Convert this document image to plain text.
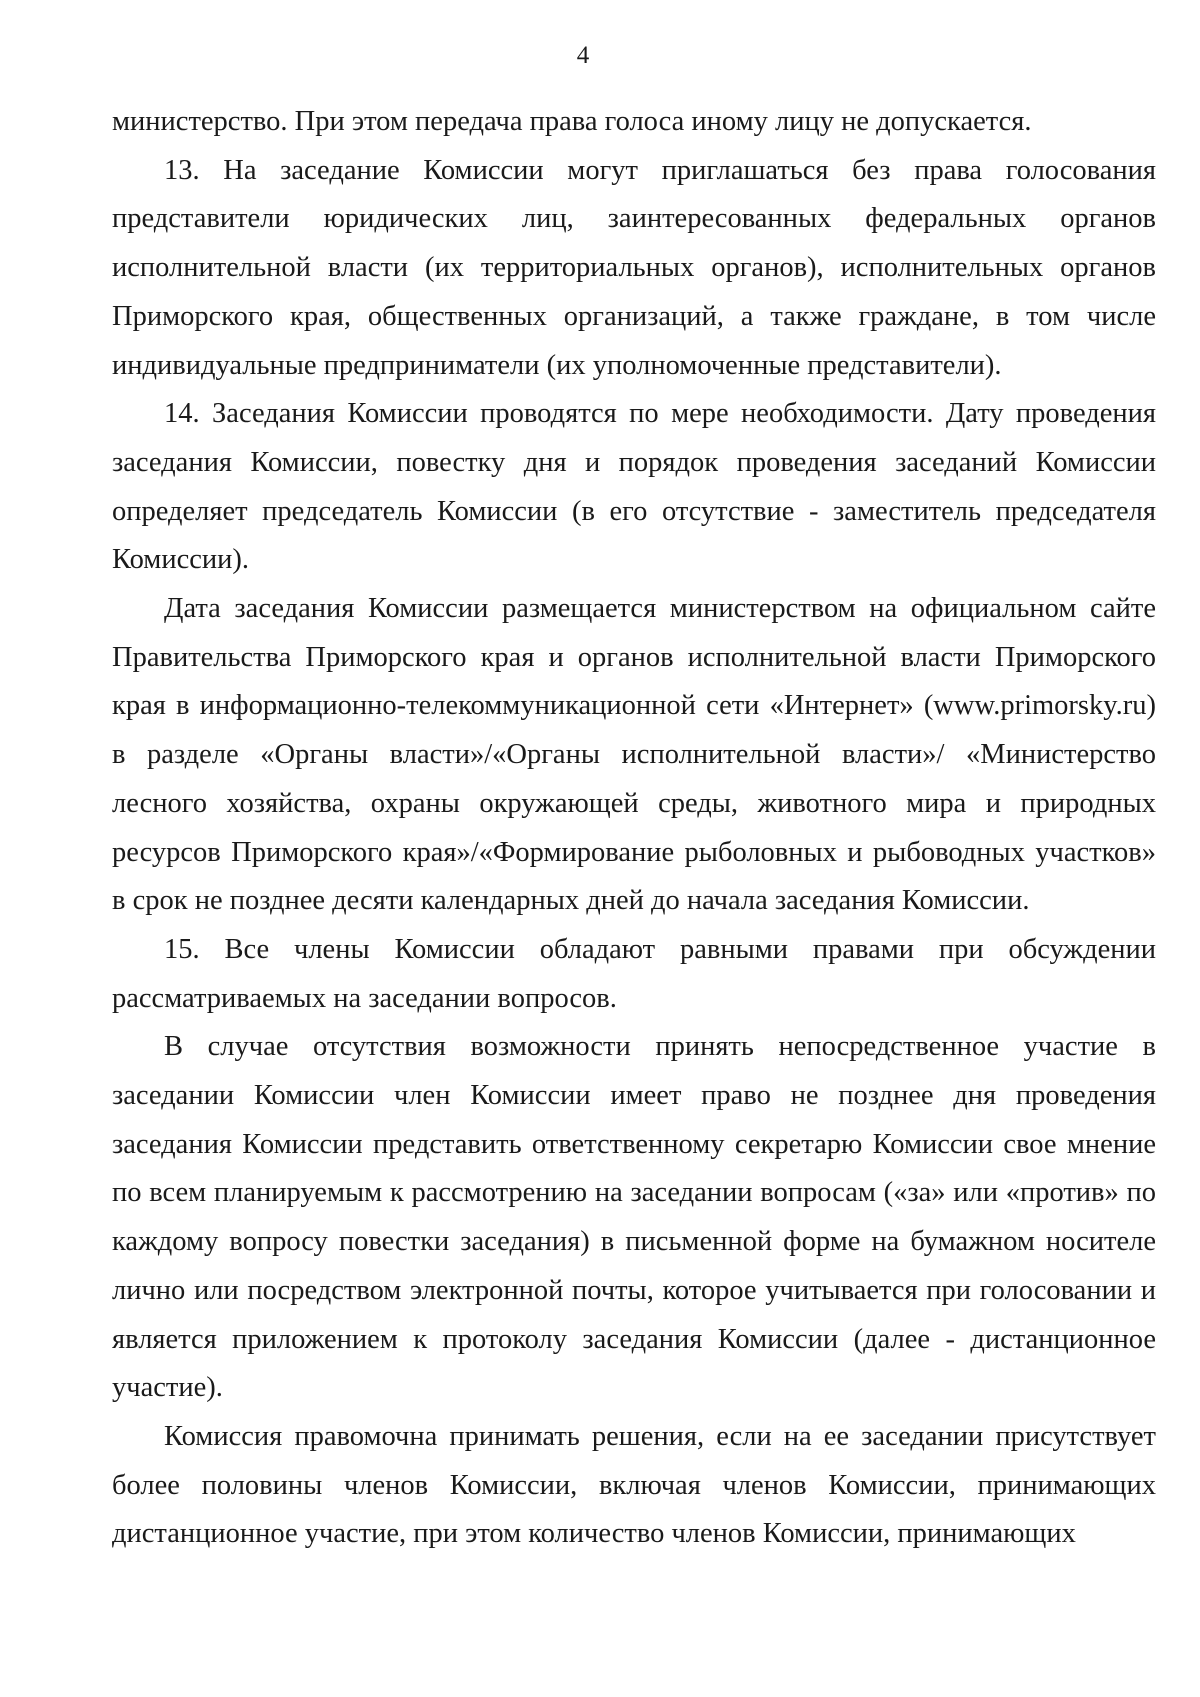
4

министерство. При этом передача права голоса иному лицу не допускается.

13. На заседание Комиссии могут приглашаться без права голосования представители юридических лиц, заинтересованных федеральных органов исполнительной власти (их территориальных органов), исполнительных органов Приморского края, общественных организаций, а также граждане, в том числе индивидуальные предприниматели (их уполномоченные представители).

14. Заседания Комиссии проводятся по мере необходимости. Дату проведения заседания Комиссии, повестку дня и порядок проведения заседаний Комиссии определяет председатель Комиссии (в его отсутствие - заместитель председателя Комиссии).

Дата заседания Комиссии размещается министерством на официальном сайте Правительства Приморского края и органов исполнительной власти Приморского края в информационно-телекоммуникационной сети «Интернет» (www.primorsky.ru) в разделе «Органы власти»/«Органы исполнительной власти»/ «Министерство лесного хозяйства, охраны окружающей среды, животного мира и природных ресурсов Приморского края»/«Формирование рыболовных и рыбоводных участков» в срок не позднее десяти календарных дней до начала заседания Комиссии.

15. Все члены Комиссии обладают равными правами при обсуждении рассматриваемых на заседании вопросов.

В случае отсутствия возможности принять непосредственное участие в заседании Комиссии член Комиссии имеет право не позднее дня проведения заседания Комиссии представить ответственному секретарю Комиссии свое мнение по всем планируемым к рассмотрению на заседании вопросам («за» или «против» по каждому вопросу повестки заседания) в письменной форме на бумажном носителе лично или посредством электронной почты, которое учитывается при голосовании и является приложением к протоколу заседания Комиссии (далее - дистанционное участие).

Комиссия правомочна принимать решения, если на ее заседании присутствует более половины членов Комиссии, включая членов Комиссии, принимающих дистанционное участие, при этом количество членов Комиссии, принимающих
